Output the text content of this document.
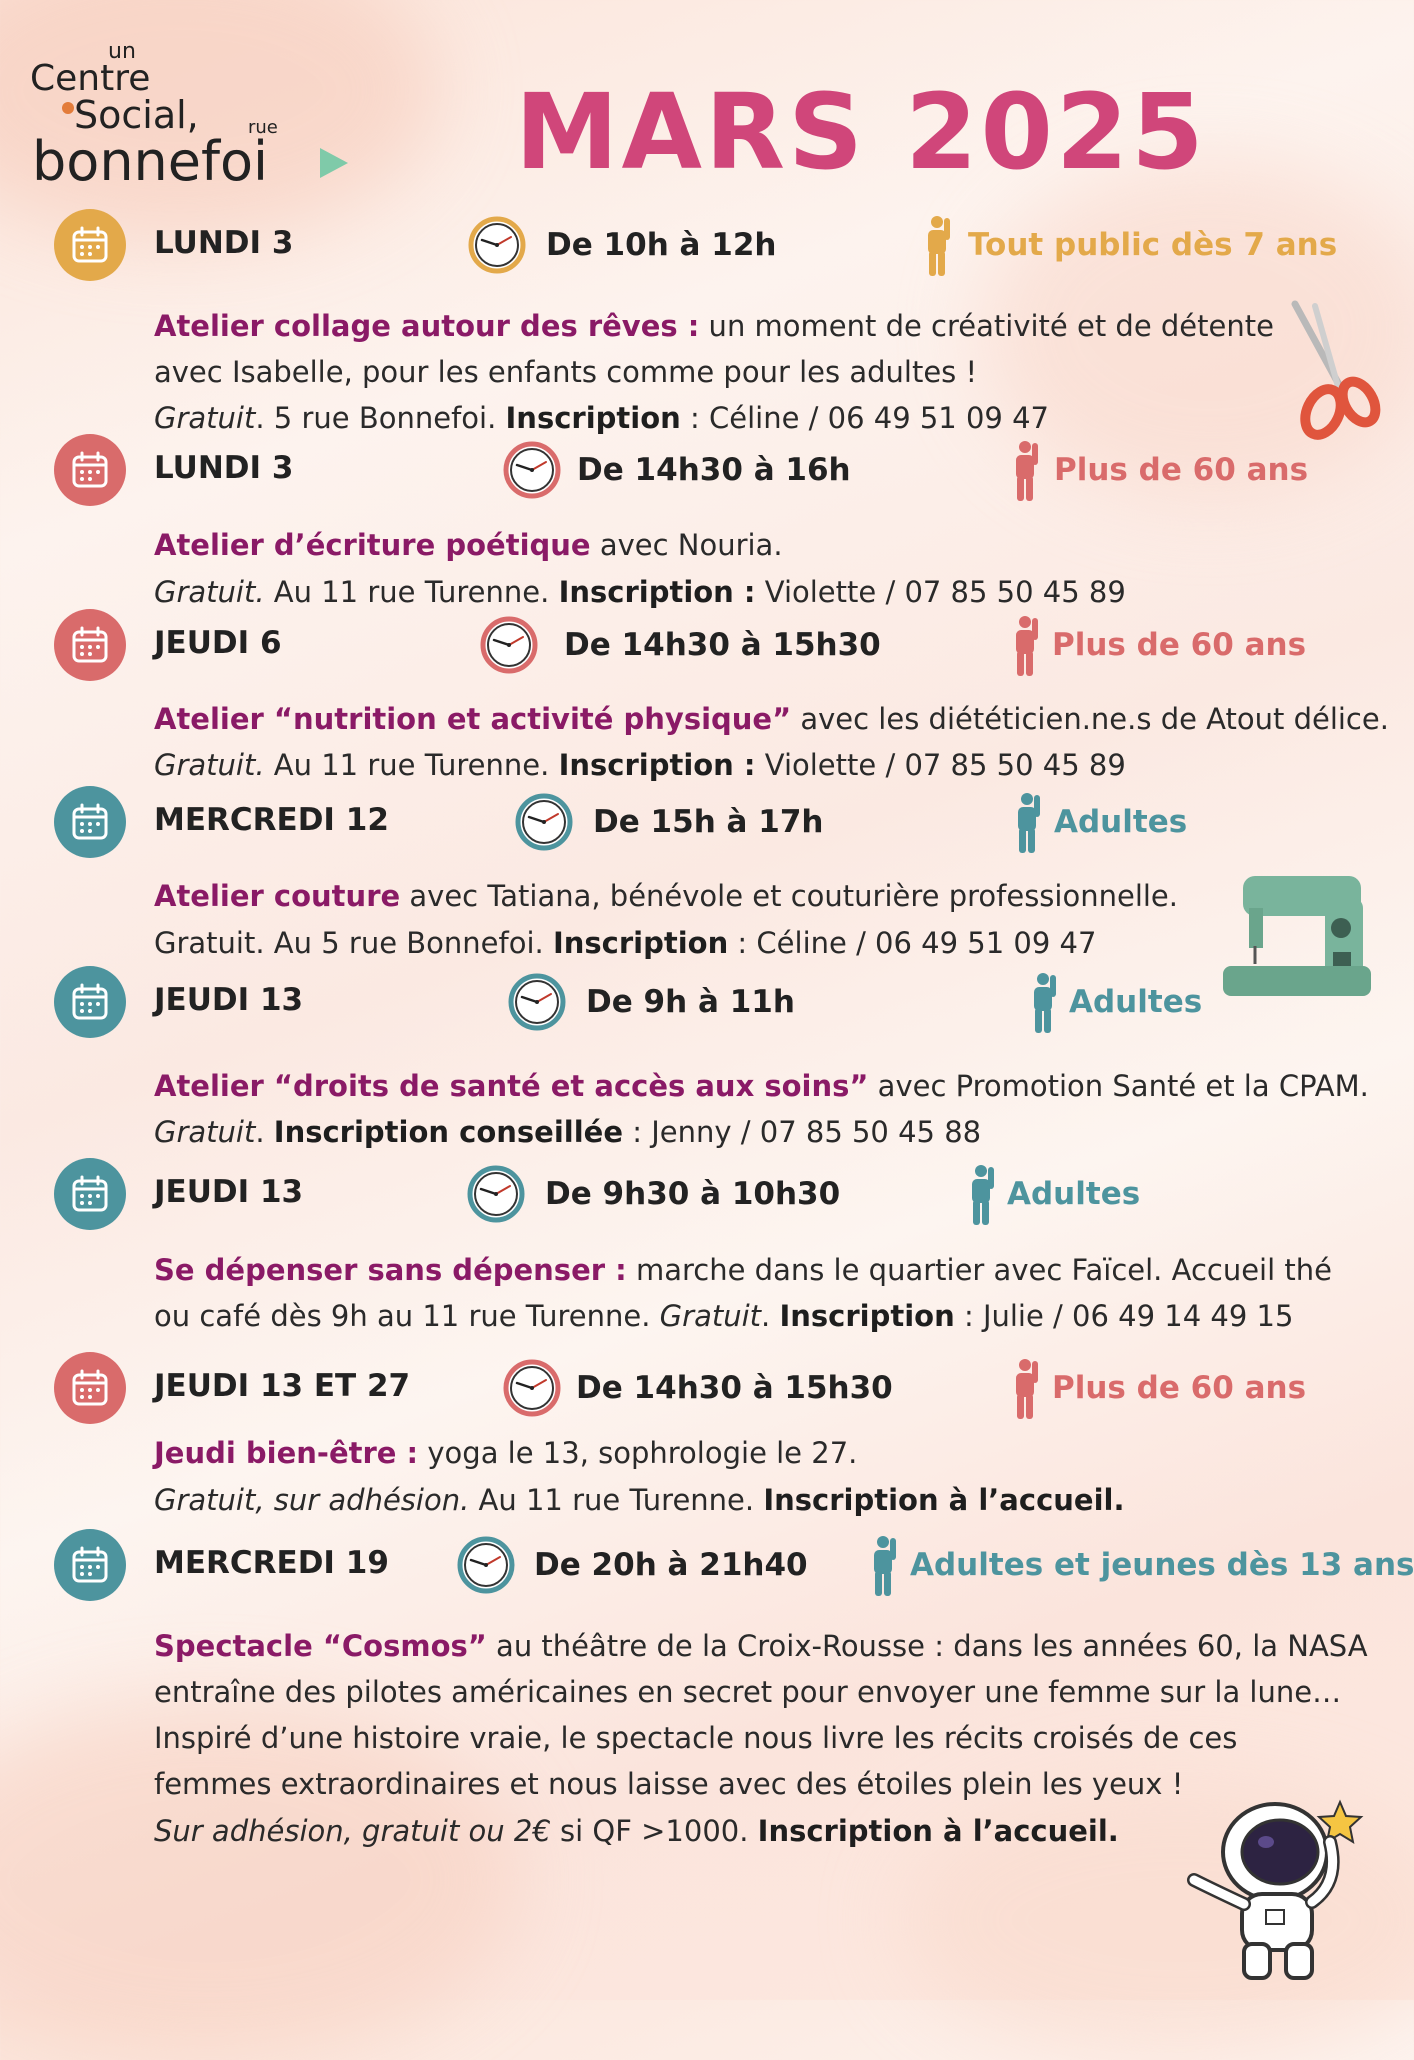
un
Centre
Social,	rue
bonnefoi MARS 2025
LUNDI 3	De 10h à 12h	Tout public dès 7 ans
Atelier collage autour des rêves : un moment de créativité et de détente
avec Isabelle, pour les enfants comme pour les adultes !
Gratuit. 5 rue Bonnefoi. Inscription : Céline / 06 49 51 09 47
LUNDI 3	De 14h30 à 16h	Plus de 60 ans
Atelier d’écriture poétique avec Nouria.
Gratuit. Au 11 rue Turenne. Inscription : Violette / 07 85 50 45 89
JEUDI 6	De 14h30 à 15h30	Plus de 60 ans
Atelier “nutrition et activité physique” avec les diététicien.ne.s de Atout délice.
Gratuit. Au 11 rue Turenne. Inscription : Violette / 07 85 50 45 89
MERCREDI 12	De 15h à 17h	Adultes
Atelier couture avec Tatiana, bénévole et couturière professionnelle.
Gratuit. Au 5 rue Bonnefoi. Inscription : Céline / 06 49 51 09 47
JEUDI 13	De 9h à 11h	Adultes
Atelier “droits de santé et accès aux soins” avec Promotion Santé et la CPAM.
Gratuit. Inscription conseillée : Jenny / 07 85 50 45 88
JEUDI 13	De 9h30 à 10h30	Adultes
Se dépenser sans dépenser : marche dans le quartier avec Faïcel. Accueil thé
ou café dès 9h au 11 rue Turenne. Gratuit. Inscription : Julie / 06 49 14 49 15
JEUDI 13 ET 27	De 14h30 à 15h30	Plus de 60 ans
Jeudi bien-être : yoga le 13, sophrologie le 27.
Gratuit, sur adhésion. Au 11 rue Turenne. Inscription à l’accueil.
MERCREDI 19	De 20h à 21h40	Adultes et jeunes dès 13 ans
Spectacle “Cosmos” au théâtre de la Croix-Rousse : dans les années 60, la NASA
entraîne des pilotes américaines en secret pour envoyer une femme sur la lune…
Inspiré d’une histoire vraie, le spectacle nous livre les récits croisés de ces
femmes extraordinaires et nous laisse avec des étoiles plein les yeux !
Sur adhésion, gratuit ou 2€ si QF >1000. Inscription à l’accueil.
